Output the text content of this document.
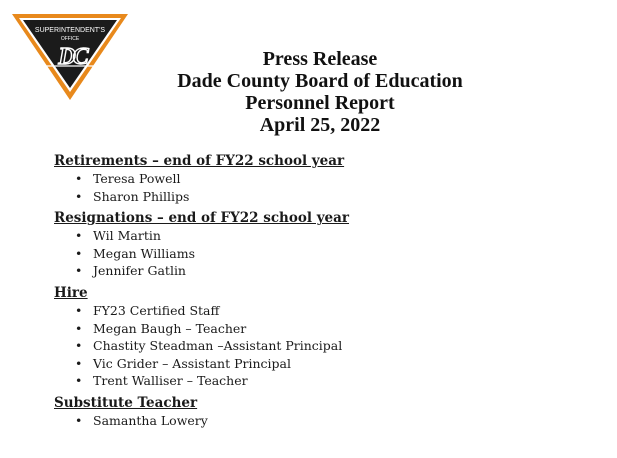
SUPERINTENDENT'S
OFFICE
DC	Press Release
Dade County Board of Education
Personnel Report
April 25, 2022

Retirements – end of FY22 school year

• Teresa Powell
• Sharon Phillips

Resignations – end of FY22 school year

• Wil Martin
• Megan Williams
• Jennifer Gatlin

Hire

• FY23 Certified Staff
• Megan Baugh – Teacher
• Chastity Steadman –Assistant Principal
• Vic Grider – Assistant Principal
• Trent Walliser – Teacher

Substitute Teacher

• Samantha Lowery
